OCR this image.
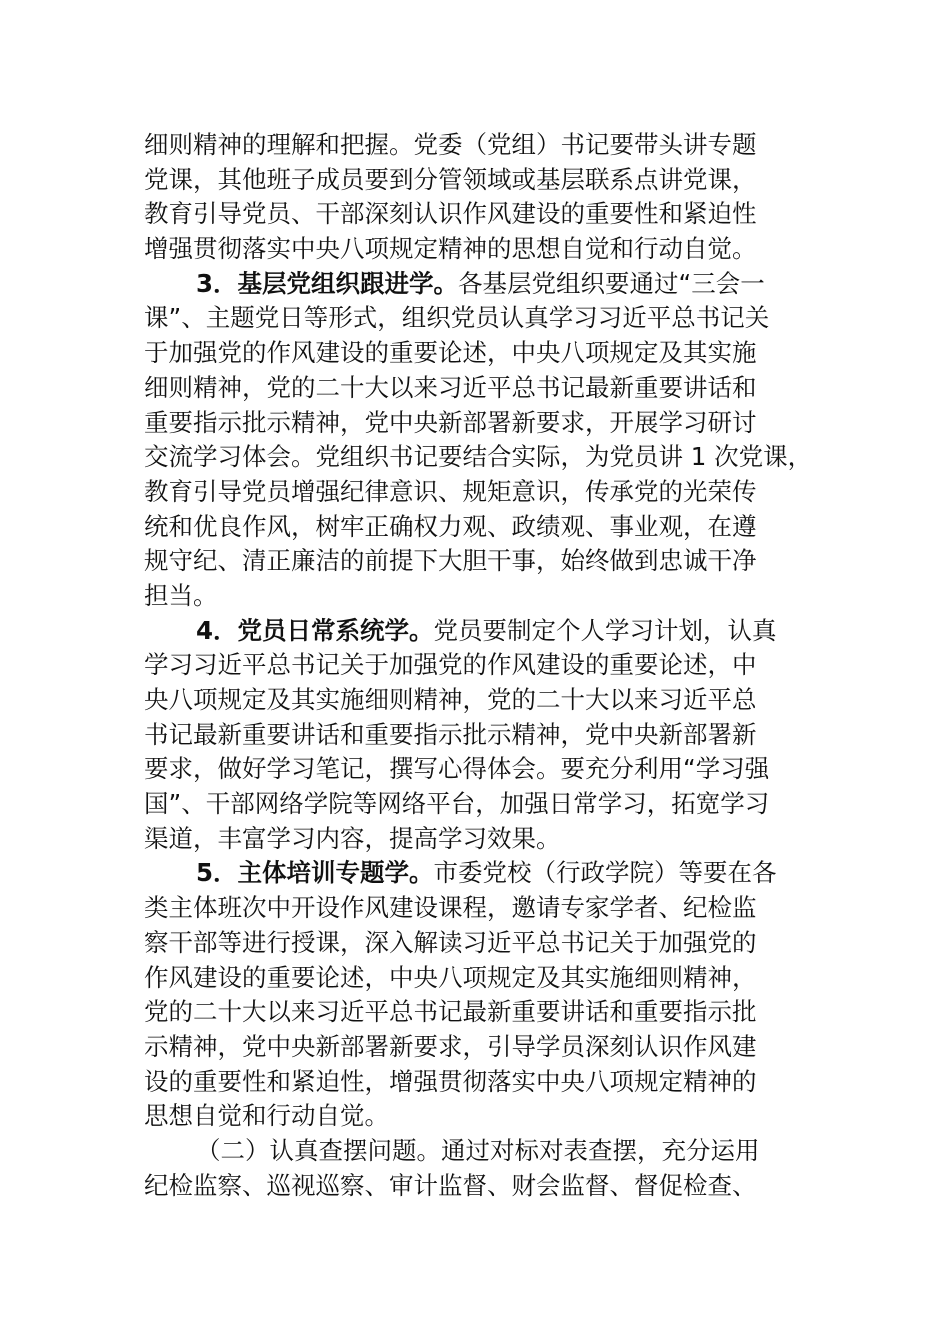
细则精神的理解和把握。党委（党组）书记要带头讲专题
党课，其他班子成员要到分管领域或基层联系点讲党课，
教育引导党员、干部深刻认识作风建设的重要性和紧迫性
增强贯彻落实中央八项规定精神的思想自觉和行动自觉。
3．基层党组织跟进学。各基层党组织要通过“三会一
课”、主题党日等形式，组织党员认真学习习近平总书记关
于加强党的作风建设的重要论述，中央八项规定及其实施
细则精神，党的二十大以来习近平总书记最新重要讲话和
重要指示批示精神，党中央新部署新要求，开展学习研讨
交流学习体会。党组织书记要结合实际，为党员讲 1 次党课，
教育引导党员增强纪律意识、规矩意识，传承党的光荣传
统和优良作风，树牢正确权力观、政绩观、事业观，在遵
规守纪、清正廉洁的前提下大胆干事，始终做到忠诚干净
担当。
4．党员日常系统学。党员要制定个人学习计划，认真
学习习近平总书记关于加强党的作风建设的重要论述，中
央八项规定及其实施细则精神，党的二十大以来习近平总
书记最新重要讲话和重要指示批示精神，党中央新部署新
要求，做好学习笔记，撰写心得体会。要充分利用“学习强
国”、干部网络学院等网络平台，加强日常学习，拓宽学习
渠道，丰富学习内容，提高学习效果。
5．主体培训专题学。市委党校（行政学院）等要在各
类主体班次中开设作风建设课程，邀请专家学者、纪检监
察干部等进行授课，深入解读习近平总书记关于加强党的
作风建设的重要论述，中央八项规定及其实施细则精神，
党的二十大以来习近平总书记最新重要讲话和重要指示批
示精神，党中央新部署新要求，引导学员深刻认识作风建
设的重要性和紧迫性，增强贯彻落实中央八项规定精神的
思想自觉和行动自觉。
（二）认真查摆问题。通过对标对表查摆，充分运用
纪检监察、巡视巡察、审计监督、财会监督、督促检查、
